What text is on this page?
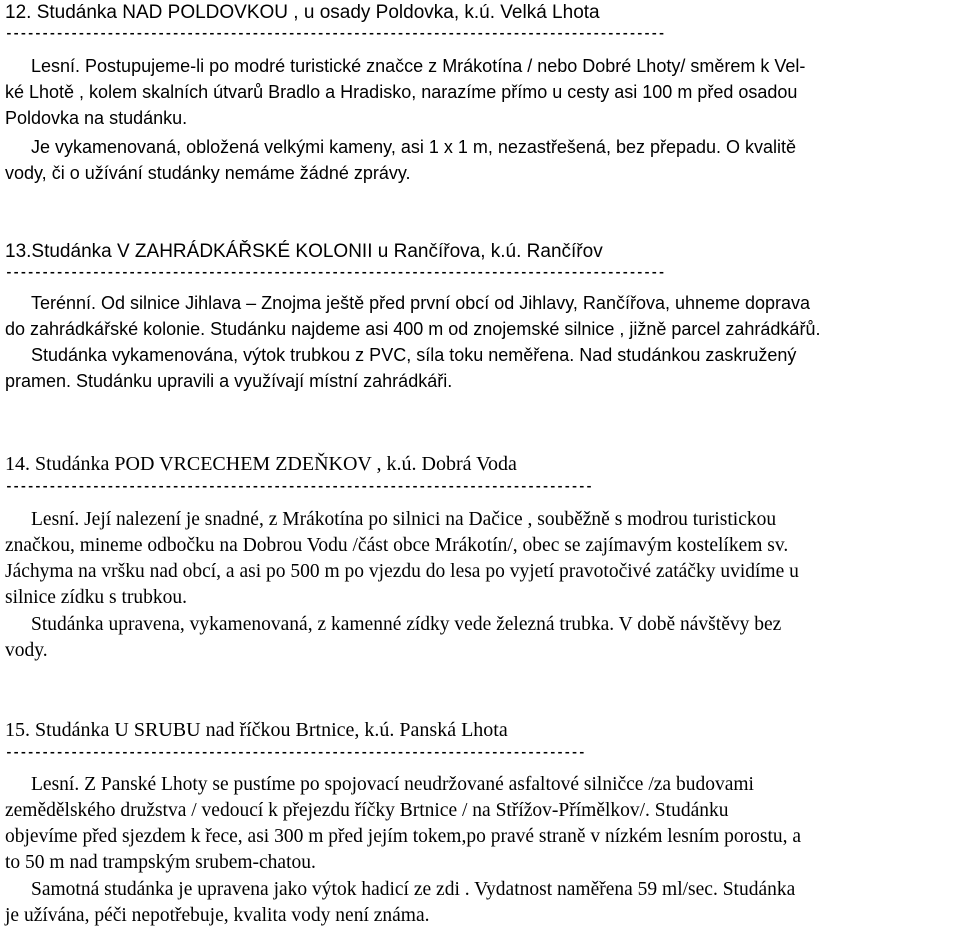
12. Studánka NAD POLDOVKOU , u osady Poldovka, k.ú. Velká Lhota
-------------------------------------------------------------------------------------------
Lesní. Postupujeme-li po modré turistické značce z Mrákotína / nebo Dobré Lhoty/ směrem k Vel-
ké Lhotě , kolem skalních útvarů Bradlo a Hradisko, narazíme přímo u cesty asi 100 m před osadou
Poldovka na studánku.
Je vykamenovaná, obložená velkými kameny, asi 1 x 1 m, nezastřešená, bez přepadu. O kvalitě
vody, či o užívání studánky nemáme žádné zprávy.
13.Studánka V ZAHRÁDKÁŘSKÉ KOLONII u Rančířova, k.ú. Rančířov
-------------------------------------------------------------------------------------------
Terénní. Od silnice Jihlava – Znojma ještě před první obcí od Jihlavy, Rančířova, uhneme doprava
do zahrádkářské kolonie. Studánku najdeme asi 400 m od znojemské silnice , jižně parcel zahrádkářů.
Studánka vykamenována, výtok trubkou z PVC, síla toku neměřena. Nad studánkou zaskružený
pramen. Studánku upravili a využívají místní zahrádkáři.
14. Studánka POD VRCECHEM ZDEŇKOV , k.ú. Dobrá Voda
---------------------------------------------------------------------------------
Lesní. Její nalezení je snadné, z Mrákotína po silnici na Dačice , souběžně s modrou turistickou
značkou, mineme odbočku na Dobrou Vodu /část obce Mrákotín/, obec se zajímavým kostelíkem sv.
Jáchyma na vršku nad obcí, a asi po 500 m po vjezdu do lesa po vyjetí pravotočivé zatáčky uvidíme u
silnice zídku s trubkou.
Studánka upravena, vykamenovaná, z kamenné zídky vede železná trubka. V době návštěvy bez
vody.
15. Studánka U SRUBU nad říčkou Brtnice, k.ú. Panská Lhota
--------------------------------------------------------------------------------
Lesní. Z Panské Lhoty se pustíme po spojovací neudržované asfaltové silničce /za budovami
zemědělského družstva / vedoucí k přejezdu říčky Brtnice / na Střížov-Přímělkov/. Studánku
objevíme před sjezdem k řece, asi 300 m před jejím tokem,po pravé straně v nízkém lesním porostu, a
to 50 m nad trampským srubem-chatou.
Samotná studánka je upravena jako výtok hadicí ze zdi . Vydatnost naměřena 59 ml/sec. Studánka
je užívána, péči nepotřebuje, kvalita vody není známa.
